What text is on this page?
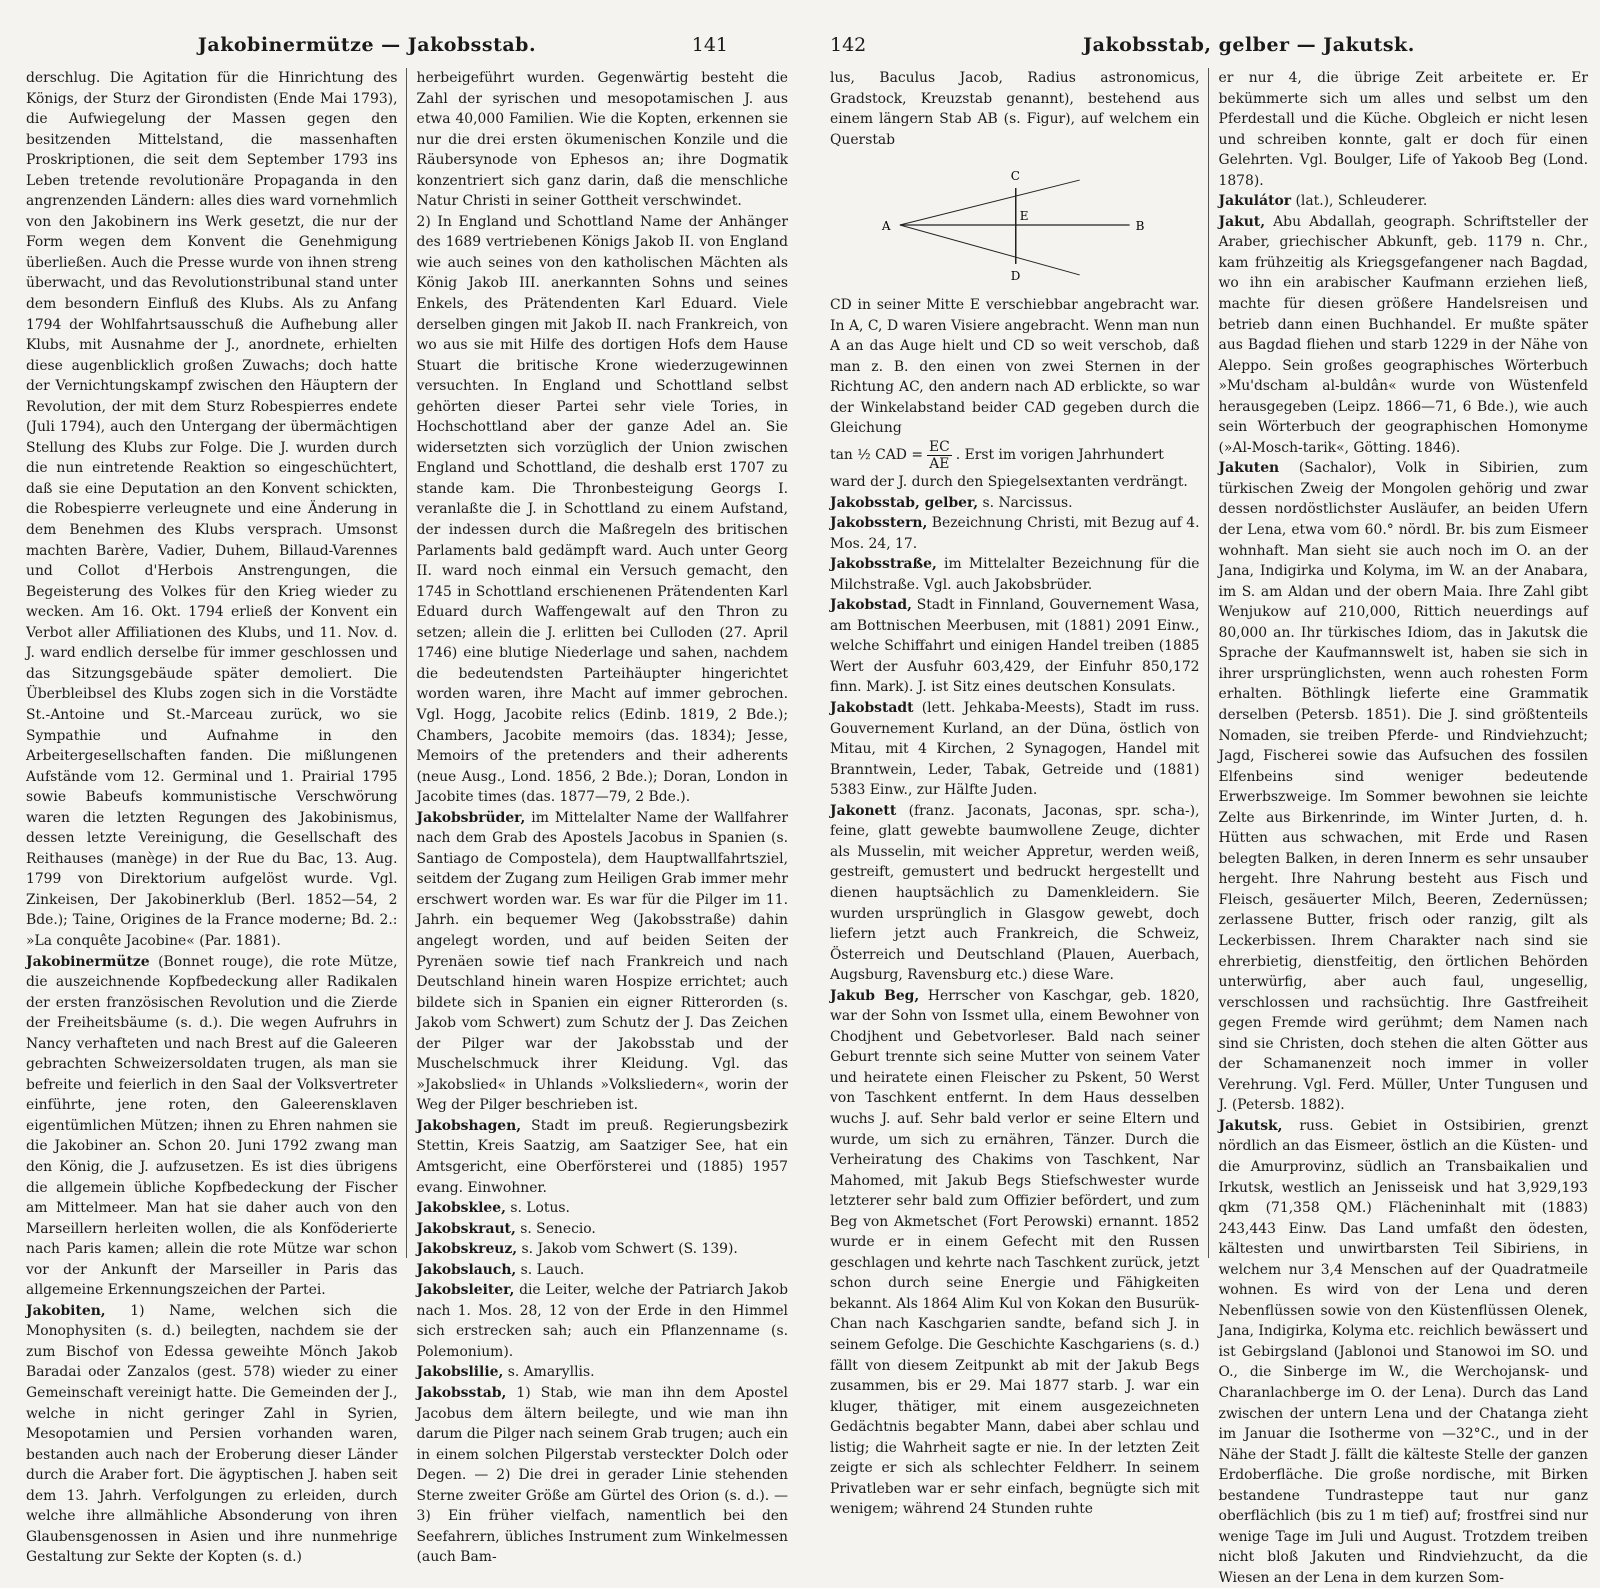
Jakobinermütze — Jakobsstab.	141

derschlug. Die Agitation für die Hinrichtung des Königs, der Sturz der Girondisten (Ende Mai 1793), die Aufwiegelung der Massen gegen den besitzenden Mittelstand, die massenhaften Proskriptionen, die seit dem September 1793 ins Leben tretende revolutionäre Propaganda in den angrenzenden Ländern: alles dies ward vornehmlich von den Jakobinern ins Werk gesetzt, die nur der Form wegen dem Konvent die Genehmigung überließen. Auch die Presse wurde von ihnen streng überwacht, und das Revolutionstribunal stand unter dem besondern Einfluß des Klubs. Als zu Anfang 1794 der Wohlfahrtsausschuß die Aufhebung aller Klubs, mit Ausnahme der J., anordnete, erhielten diese augenblicklich großen Zuwachs; doch hatte der Vernichtungskampf zwischen den Häuptern der Revolution, der mit dem Sturz Robespierres endete (Juli 1794), auch den Untergang der übermächtigen Stellung des Klubs zur Folge. Die J. wurden durch die nun eintretende Reaktion so eingeschüchtert, daß sie eine Deputation an den Konvent schickten, die Robespierre verleugnete und eine Änderung in dem Benehmen des Klubs versprach. Umsonst machten Barère, Vadier, Duhem, Billaud-Varennes und Collot d'Herbois Anstrengungen, die Begeisterung des Volkes für den Krieg wieder zu wecken. Am 16. Okt. 1794 erließ der Konvent ein Verbot aller Affiliationen des Klubs, und 11. Nov. d. J. ward endlich derselbe für immer geschlossen und das Sitzungsgebäude später demoliert. Die Überbleibsel des Klubs zogen sich in die Vorstädte St.-Antoine und St.-Marceau zurück, wo sie Sympathie und Aufnahme in den Arbeitergesellschaften fanden. Die mißlungenen Aufstände vom 12. Germinal und 1. Prairial 1795 sowie Babeufs kommunistische Verschwörung waren die letzten Regungen des Jakobinismus, dessen letzte Vereinigung, die Gesellschaft des Reithauses (manège) in der Rue du Bac, 13. Aug. 1799 von Direktorium aufgelöst wurde. Vgl. Zinkeisen, Der Jakobinerklub (Berl. 1852—54, 2 Bde.); Taine, Origines de la France moderne; Bd. 2.: »La conquête Jacobine« (Par. 1881).

Jakobinermütze (Bonnet rouge), die rote Mütze, die auszeichnende Kopfbedeckung aller Radikalen der ersten französischen Revolution und die Zierde der Freiheitsbäume (s. d.). Die wegen Aufruhrs in Nancy verhafteten und nach Brest auf die Galeeren gebrachten Schweizersoldaten trugen, als man sie befreite und feierlich in den Saal der Volksvertreter einführte, jene roten, den Galeerensklaven eigentümlichen Mützen; ihnen zu Ehren nahmen sie die Jakobiner an. Schon 20. Juni 1792 zwang man den König, die J. aufzusetzen. Es ist dies übrigens die allgemein übliche Kopfbedeckung der Fischer am Mittelmeer. Man hat sie daher auch von den Marseillern herleiten wollen, die als Konföderierte nach Paris kamen; allein die rote Mütze war schon vor der Ankunft der Marseiller in Paris das allgemeine Erkennungszeichen der Partei.

Jakobiten, 1) Name, welchen sich die Monophysiten (s. d.) beilegten, nachdem sie der zum Bischof von Edessa geweihte Mönch Jakob Baradai oder Zanzalos (gest. 578) wieder zu einer Gemeinschaft vereinigt hatte. Die Gemeinden der J., welche in nicht geringer Zahl in Syrien, Mesopotamien und Persien vorhanden waren, bestanden auch nach der Eroberung dieser Länder durch die Araber fort. Die ägyptischen J. haben seit dem 13. Jahrh. Verfolgungen zu erleiden, durch welche ihre allmähliche Absonderung von ihren Glaubensgenossen in Asien und ihre nunmehrige Gestaltung zur Sekte der Kopten (s. d.)

herbeigeführt wurden. Gegenwärtig besteht die Zahl der syrischen und mesopotamischen J. aus etwa 40,000 Familien. Wie die Kopten, erkennen sie nur die drei ersten ökumenischen Konzile und die Räubersynode von Ephesos an; ihre Dogmatik konzentriert sich ganz darin, daß die menschliche Natur Christi in seiner Gottheit verschwindet.

2) In England und Schottland Name der Anhänger des 1689 vertriebenen Königs Jakob II. von England wie auch seines von den katholischen Mächten als König Jakob III. anerkannten Sohns und seines Enkels, des Prätendenten Karl Eduard. Viele derselben gingen mit Jakob II. nach Frankreich, von wo aus sie mit Hilfe des dortigen Hofs dem Hause Stuart die britische Krone wiederzugewinnen versuchten. In England und Schottland selbst gehörten dieser Partei sehr viele Tories, in Hochschottland aber der ganze Adel an. Sie widersetzten sich vorzüglich der Union zwischen England und Schottland, die deshalb erst 1707 zu stande kam. Die Thronbesteigung Georgs I. veranlaßte die J. in Schottland zu einem Aufstand, der indessen durch die Maßregeln des britischen Parlaments bald gedämpft ward. Auch unter Georg II. ward noch einmal ein Versuch gemacht, den 1745 in Schottland erschienenen Prätendenten Karl Eduard durch Waffengewalt auf den Thron zu setzen; allein die J. erlitten bei Culloden (27. April 1746) eine blutige Niederlage und sahen, nachdem die bedeutendsten Parteihäupter hingerichtet worden waren, ihre Macht auf immer gebrochen. Vgl. Hogg, Jacobite relics (Edinb. 1819, 2 Bde.); Chambers, Jacobite memoirs (das. 1834); Jesse, Memoirs of the pretenders and their adherents (neue Ausg., Lond. 1856, 2 Bde.); Doran, London in Jacobite times (das. 1877—79, 2 Bde.).

Jakobsbrüder, im Mittelalter Name der Wallfahrer nach dem Grab des Apostels Jacobus in Spanien (s. Santiago de Compostela), dem Hauptwallfahrtsziel, seitdem der Zugang zum Heiligen Grab immer mehr erschwert worden war. Es war für die Pilger im 11. Jahrh. ein bequemer Weg (Jakobsstraße) dahin angelegt worden, und auf beiden Seiten der Pyrenäen sowie tief nach Frankreich und nach Deutschland hinein waren Hospize errichtet; auch bildete sich in Spanien ein eigner Ritterorden (s. Jakob vom Schwert) zum Schutz der J. Das Zeichen der Pilger war der Jakobsstab und der Muschelschmuck ihrer Kleidung. Vgl. das »Jakobslied« in Uhlands »Volksliedern«, worin der Weg der Pilger beschrieben ist.

Jakobshagen, Stadt im preuß. Regierungsbezirk Stettin, Kreis Saatzig, am Saatziger See, hat ein Amtsgericht, eine Oberförsterei und (1885) 1957 evang. Einwohner.

Jakobsklee, s. Lotus.

Jakobskraut, s. Senecio.

Jakobskreuz, s. Jakob vom Schwert (S. 139).

Jakobslauch, s. Lauch.

Jakobsleiter, die Leiter, welche der Patriarch Jakob nach 1. Mos. 28, 12 von der Erde in den Himmel sich erstrecken sah; auch ein Pflanzenname (s. Polemonium).

Jakobslilie, s. Amaryllis.

Jakobsstab, 1) Stab, wie man ihn dem Apostel Jacobus dem ältern beilegte, und wie man ihn darum die Pilger nach seinem Grab trugen; auch ein in einem solchen Pilgerstab versteckter Dolch oder Degen. — 2) Die drei in gerader Linie stehenden Sterne zweiter Größe am Gürtel des Orion (s. d.). — 3) Ein früher vielfach, namentlich bei den Seefahrern, übliches Instrument zum Winkelmessen (auch Bam-

142	Jakobsstab, gelber — Jakutsk.

lus, Baculus Jacob, Radius astronomicus, Gradstock, Kreuzstab genannt), bestehend aus einem längern Stab AB (s. Figur), auf welchem ein Querstab

A	B
C
D
E

CD in seiner Mitte E verschiebbar angebracht war. In A, C, D waren Visiere angebracht. Wenn man nun A an das Auge hielt und CD so weit verschob, daß man z. B. den einen von zwei Sternen in der Richtung AC, den andern nach AD erblickte, so war der Winkelabstand beider CAD gegeben durch die Gleichung

tan ½ CAD = $\frac{EC}{AE}$ . Erst im vorigen Jahrhundert

ward der J. durch den Spiegelsextanten verdrängt.

Jakobsstab, gelber, s. Narcissus.

Jakobsstern, Bezeichnung Christi, mit Bezug auf 4. Mos. 24, 17.

Jakobsstraße, im Mittelalter Bezeichnung für die Milchstraße. Vgl. auch Jakobsbrüder.

Jakobstad, Stadt in Finnland, Gouvernement Wasa, am Bottnischen Meerbusen, mit (1881) 2091 Einw., welche Schiffahrt und einigen Handel treiben (1885 Wert der Ausfuhr 603,429, der Einfuhr 850,172 finn. Mark). J. ist Sitz eines deutschen Konsulats.

Jakobstadt (lett. Jehkaba-Meests), Stadt im russ. Gouvernement Kurland, an der Düna, östlich von Mitau, mit 4 Kirchen, 2 Synagogen, Handel mit Branntwein, Leder, Tabak, Getreide und (1881) 5383 Einw., zur Hälfte Juden.

Jakonett (franz. Jaconats, Jaconas, spr. scha-), feine, glatt gewebte baumwollene Zeuge, dichter als Musselin, mit weicher Appretur, werden weiß, gestreift, gemustert und bedruckt hergestellt und dienen hauptsächlich zu Damenkleidern. Sie wurden ursprünglich in Glasgow gewebt, doch liefern jetzt auch Frankreich, die Schweiz, Österreich und Deutschland (Plauen, Auerbach, Augsburg, Ravensburg etc.) diese Ware.

Jakub Beg, Herrscher von Kaschgar, geb. 1820, war der Sohn von Issmet ulla, einem Bewohner von Chodjhent und Gebetvorleser. Bald nach seiner Geburt trennte sich seine Mutter von seinem Vater und heiratete einen Fleischer zu Pskent, 50 Werst von Taschkent entfernt. In dem Haus desselben wuchs J. auf. Sehr bald verlor er seine Eltern und wurde, um sich zu ernähren, Tänzer. Durch die Verheiratung des Chakims von Taschkent, Nar Mahomed, mit Jakub Begs Stiefschwester wurde letzterer sehr bald zum Offizier befördert, und zum Beg von Akmetschet (Fort Perowski) ernannt. 1852 wurde er in einem Gefecht mit den Russen geschlagen und kehrte nach Taschkent zurück, jetzt schon durch seine Energie und Fähigkeiten bekannt. Als 1864 Alim Kul von Kokan den Busurük-Chan nach Kaschgarien sandte, befand sich J. in seinem Gefolge. Die Geschichte Kaschgariens (s. d.) fällt von diesem Zeitpunkt ab mit der Jakub Begs zusammen, bis er 29. Mai 1877 starb. J. war ein kluger, thätiger, mit einem ausgezeichneten Gedächtnis begabter Mann, dabei aber schlau und listig; die Wahrheit sagte er nie. In der letzten Zeit zeigte er sich als schlechter Feldherr. In seinem Privatleben war er sehr einfach, begnügte sich mit wenigem; während 24 Stunden ruhte

er nur 4, die übrige Zeit arbeitete er. Er bekümmerte sich um alles und selbst um den Pferdestall und die Küche. Obgleich er nicht lesen und schreiben konnte, galt er doch für einen Gelehrten. Vgl. Boulger, Life of Yakoob Beg (Lond. 1878).

Jakulátor (lat.), Schleuderer.

Jakut, Abu Abdallah, geograph. Schriftsteller der Araber, griechischer Abkunft, geb. 1179 n. Chr., kam frühzeitig als Kriegsgefangener nach Bagdad, wo ihn ein arabischer Kaufmann erziehen ließ, machte für diesen größere Handelsreisen und betrieb dann einen Buchhandel. Er mußte später aus Bagdad fliehen und starb 1229 in der Nähe von Aleppo. Sein großes geographisches Wörterbuch »Mu'dscham al-buldân« wurde von Wüstenfeld herausgegeben (Leipz. 1866—71, 6 Bde.), wie auch sein Wörterbuch der geographischen Homonyme (»Al-Mosch-tarik«, Götting. 1846).

Jakuten (Sachalor), Volk in Sibirien, zum türkischen Zweig der Mongolen gehörig und zwar dessen nordöstlichster Ausläufer, an beiden Ufern der Lena, etwa vom 60.° nördl. Br. bis zum Eismeer wohnhaft. Man sieht sie auch noch im O. an der Jana, Indigirka und Kolyma, im W. an der Anabara, im S. am Aldan und der obern Maia. Ihre Zahl gibt Wenjukow auf 210,000, Rittich neuerdings auf 80,000 an. Ihr türkisches Idiom, das in Jakutsk die Sprache der Kaufmannswelt ist, haben sie sich in ihrer ursprünglichsten, wenn auch rohesten Form erhalten. Böthlingk lieferte eine Grammatik derselben (Petersb. 1851). Die J. sind größtenteils Nomaden, sie treiben Pferde- und Rindviehzucht; Jagd, Fischerei sowie das Aufsuchen des fossilen Elfenbeins sind weniger bedeutende Erwerbszweige. Im Sommer bewohnen sie leichte Zelte aus Birkenrinde, im Winter Jurten, d. h. Hütten aus schwachen, mit Erde und Rasen belegten Balken, in deren Innerm es sehr unsauber hergeht. Ihre Nahrung besteht aus Fisch und Fleisch, gesäuerter Milch, Beeren, Zedernüssen; zerlassene Butter, frisch oder ranzig, gilt als Leckerbissen. Ihrem Charakter nach sind sie ehrerbietig, dienstfeitig, den örtlichen Behörden unterwürfig, aber auch faul, ungesellig, verschlossen und rachsüchtig. Ihre Gastfreiheit gegen Fremde wird gerühmt; dem Namen nach sind sie Christen, doch stehen die alten Götter aus der Schamanenzeit noch immer in voller Verehrung. Vgl. Ferd. Müller, Unter Tungusen und J. (Petersb. 1882).

Jakutsk, russ. Gebiet in Ostsibirien, grenzt nördlich an das Eismeer, östlich an die Küsten- und die Amurprovinz, südlich an Transbaikalien und Irkutsk, westlich an Jenisseisk und hat 3,929,193 qkm (71,358 QM.) Flächeninhalt mit (1883) 243,443 Einw. Das Land umfaßt den ödesten, kältesten und unwirtbarsten Teil Sibiriens, in welchem nur 3,4 Menschen auf der Quadratmeile wohnen. Es wird von der Lena und deren Nebenflüssen sowie von den Küstenflüssen Olenek, Jana, Indigirka, Kolyma etc. reichlich bewässert und ist Gebirgsland (Jablonoi und Stanowoi im SO. und O., die Sinberge im W., die Werchojansk- und Charanlachberge im O. der Lena). Durch das Land zwischen der untern Lena und der Chatanga zieht im Januar die Isotherme von —32°C., und in der Nähe der Stadt J. fällt die kälteste Stelle der ganzen Erdoberfläche. Die große nordische, mit Birken bestandene Tundrasteppe taut nur ganz oberflächlich (bis zu 1 m tief) auf; frostfrei sind nur wenige Tage im Juli und August. Trotzdem treiben nicht bloß Jakuten und Rindviehzucht, da die Wiesen an der Lena in dem kurzen Som-
